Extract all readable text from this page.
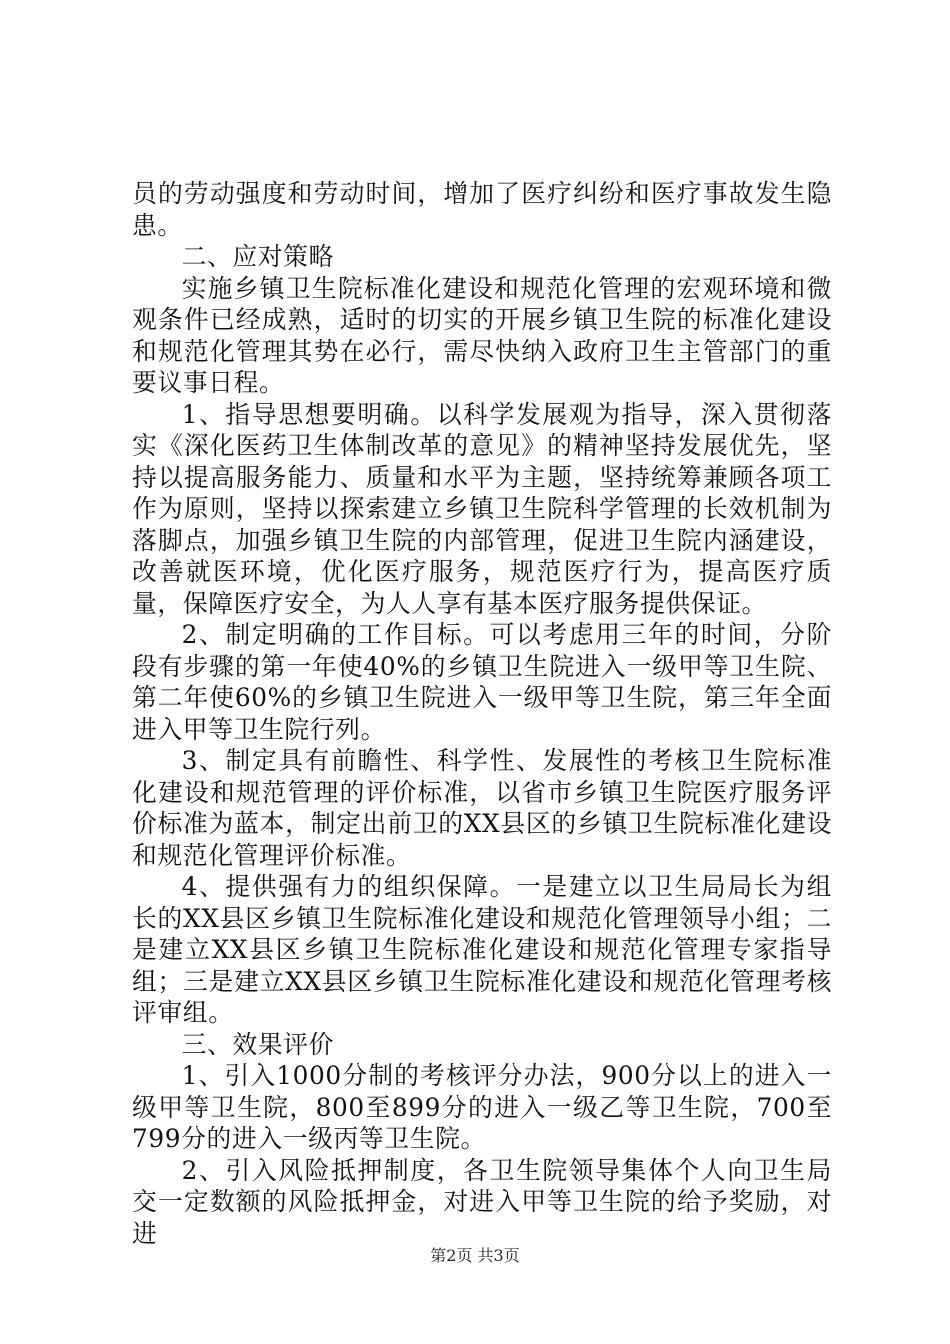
员的劳动强度和劳动时间，增加了医疗纠纷和医疗事故发生隐患。

二、应对策略

实施乡镇卫生院标准化建设和规范化管理的宏观环境和微观条件已经成熟，适时的切实的开展乡镇卫生院的标准化建设和规范化管理其势在必行，需尽快纳入政府卫生主管部门的重要议事日程。

1、指导思想要明确。以科学发展观为指导，深入贯彻落实《深化医药卫生体制改革的意见》的精神坚持发展优先，坚持以提高服务能力、质量和水平为主题，坚持统筹兼顾各项工作为原则，坚持以探索建立乡镇卫生院科学管理的长效机制为落脚点，加强乡镇卫生院的内部管理，促进卫生院内涵建设，改善就医环境，优化医疗服务，规范医疗行为，提高医疗质量，保障医疗安全，为人人享有基本医疗服务提供保证。

2、制定明确的工作目标。可以考虑用三年的时间，分阶段有步骤的第一年使40%的乡镇卫生院进入一级甲等卫生院、第二年使60%的乡镇卫生院进入一级甲等卫生院，第三年全面进入甲等卫生院行列。

3、制定具有前瞻性、科学性、发展性的考核卫生院标准化建设和规范管理的评价标准，以省市乡镇卫生院医疗服务评价标准为蓝本，制定出前卫的XX县区的乡镇卫生院标准化建设和规范化管理评价标准。

4、提供强有力的组织保障。一是建立以卫生局局长为组长的XX县区乡镇卫生院标准化建设和规范化管理领导小组；二是建立XX县区乡镇卫生院标准化建设和规范化管理专家指导组；三是建立XX县区乡镇卫生院标准化建设和规范化管理考核评审组。

三、效果评价

1、引入1000分制的考核评分办法，900分以上的进入一级甲等卫生院，800至899分的进入一级乙等卫生院，700至799分的进入一级丙等卫生院。

2、引入风险抵押制度，各卫生院领导集体个人向卫生局交一定数额的风险抵押金，对进入甲等卫生院的给予奖励，对进

第2页 共3页
